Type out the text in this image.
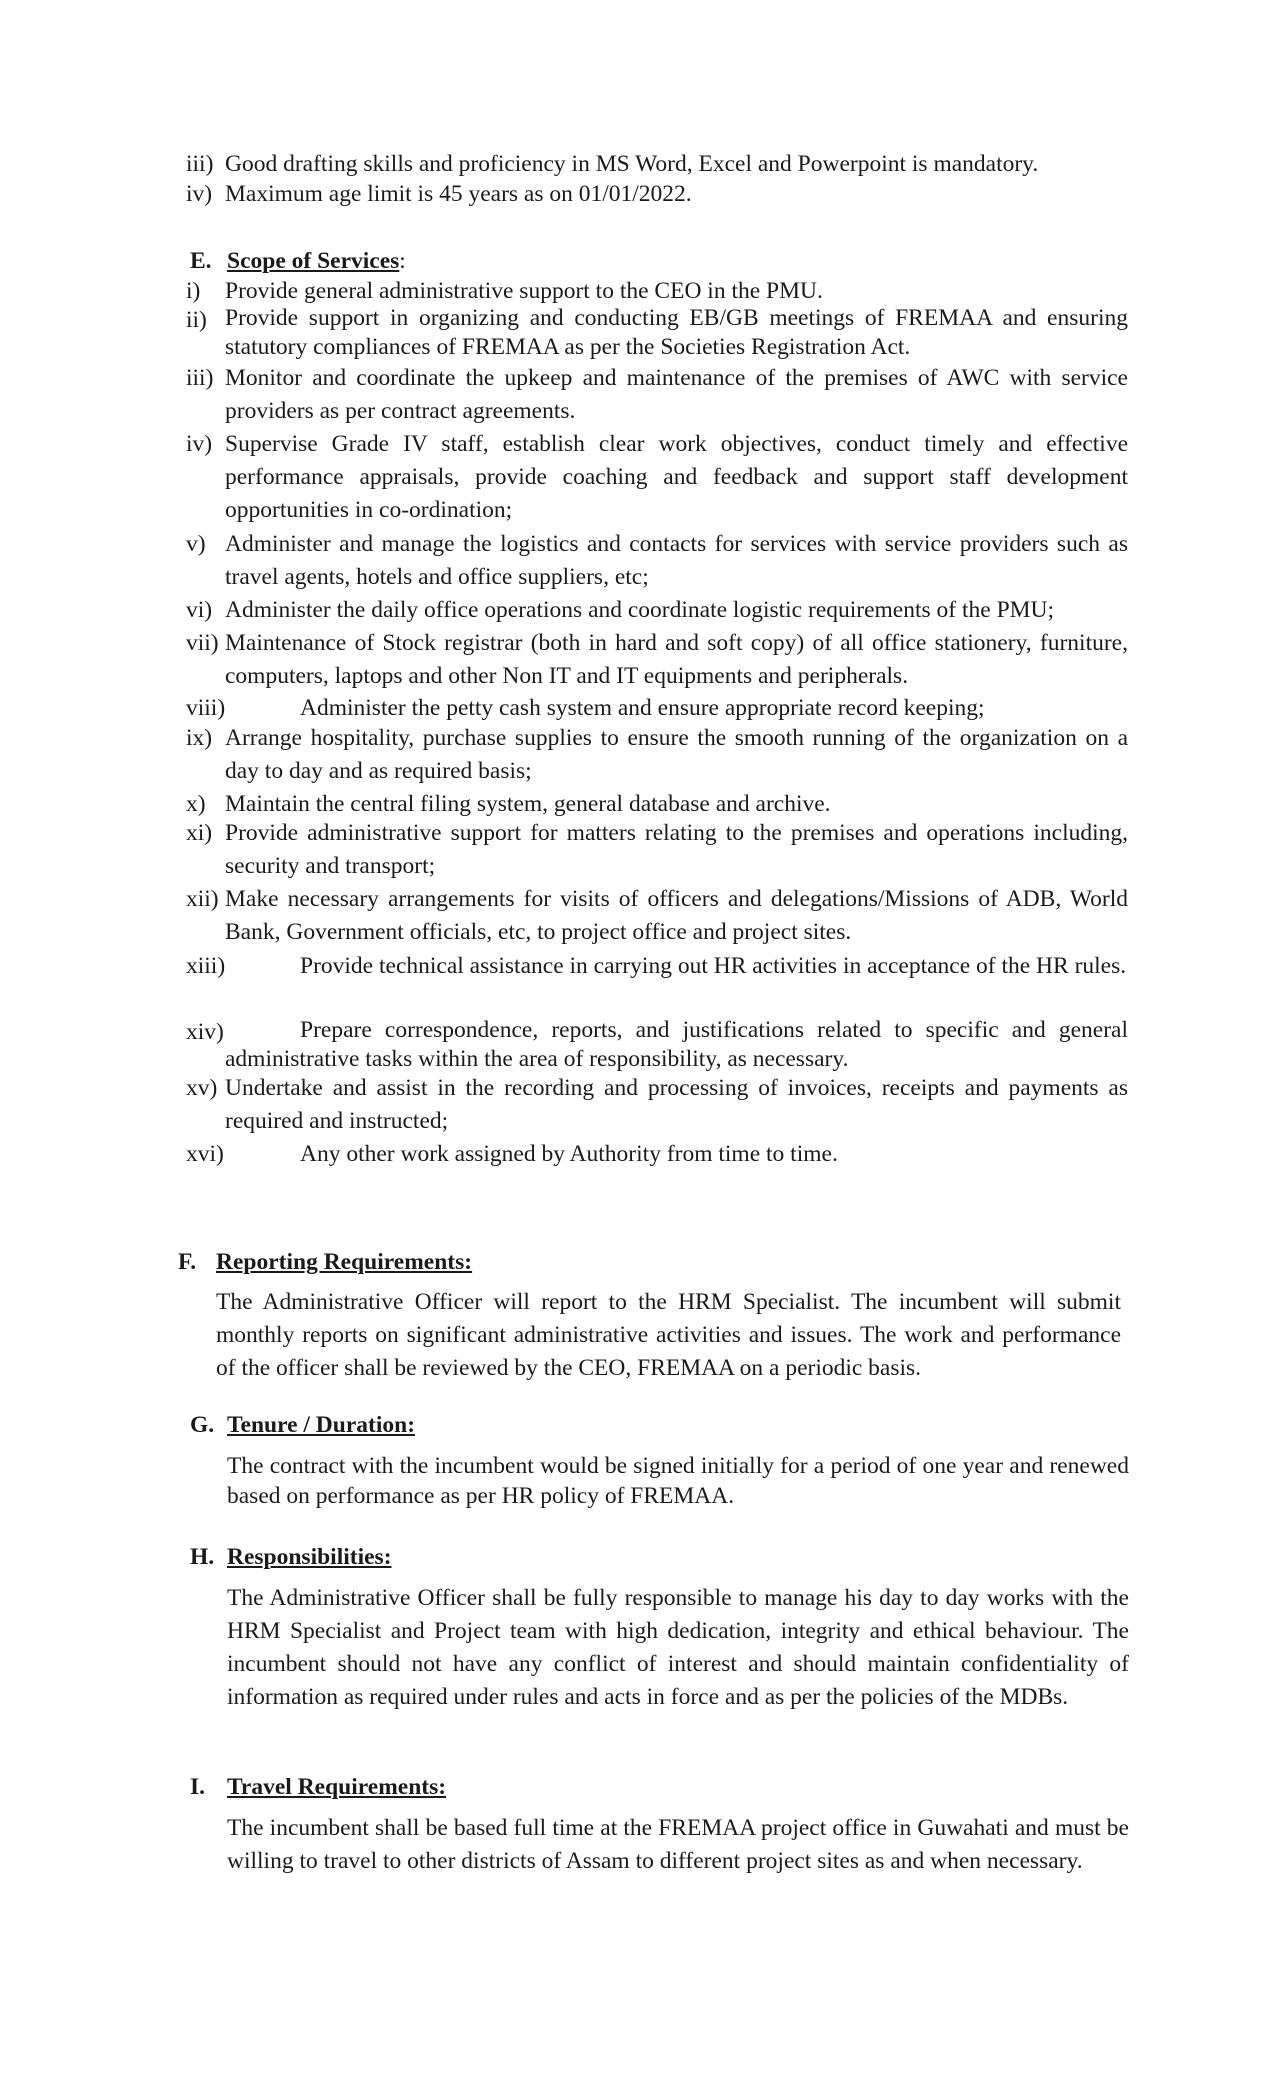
iii) Good drafting skills and proficiency in MS Word, Excel and Powerpoint is mandatory.
iv) Maximum age limit is 45 years as on 01/01/2022.
E. Scope of Services:
i)	Provide general administrative support to the CEO in the PMU.
ii) Provide support in organizing and conducting EB/GB meetings of FREMAA and ensuring statutory compliances of FREMAA as per the Societies Registration Act.
iii) Monitor and coordinate the upkeep and maintenance of the premises of AWC with service providers as per contract agreements.
iv) Supervise Grade IV staff, establish clear work objectives, conduct timely and effective performance appraisals, provide coaching and feedback and support staff development opportunities in co-ordination;
v) Administer and manage the logistics and contacts for services with service providers such as travel agents, hotels and office suppliers, etc;
vi) Administer the daily office operations and coordinate logistic requirements of the PMU;
vii) Maintenance of Stock registrar (both in hard and soft copy) of all office stationery, furniture, computers, laptops and other Non IT and IT equipments and peripherals.
viii)	Administer the petty cash system and ensure appropriate record keeping;
ix) Arrange hospitality, purchase supplies to ensure the smooth running of the organization on a day to day and as required basis;
x) Maintain the central filing system, general database and archive.
xi) Provide administrative support for matters relating to the premises and operations including, security and transport;
xii) Make necessary arrangements for visits of officers and delegations/Missions of ADB, World Bank, Government officials, etc, to project office and project sites.
xiii)	Provide technical assistance in carrying out HR activities in acceptance of the HR rules.
xiv)	Prepare correspondence, reports, and justifications related to specific and general administrative tasks within the area of responsibility, as necessary.
xv) Undertake and assist in the recording and processing of invoices, receipts and payments as required and instructed;
xvi)	Any other work assigned by Authority from time to time.
F. Reporting Requirements:
The Administrative Officer will report to the HRM Specialist. The incumbent will submit monthly reports on significant administrative activities and issues. The work and performance of the officer shall be reviewed by the CEO, FREMAA on a periodic basis.
G. Tenure / Duration:
The contract with the incumbent would be signed initially for a period of one year and renewed based on performance as per HR policy of FREMAA.
H. Responsibilities:
The Administrative Officer shall be fully responsible to manage his day to day works with the HRM Specialist and Project team with high dedication, integrity and ethical behaviour. The incumbent should not have any conflict of interest and should maintain confidentiality of information as required under rules and acts in force and as per the policies of the MDBs.
I. Travel Requirements:
The incumbent shall be based full time at the FREMAA project office in Guwahati and must be willing to travel to other districts of Assam to different project sites as and when necessary.
